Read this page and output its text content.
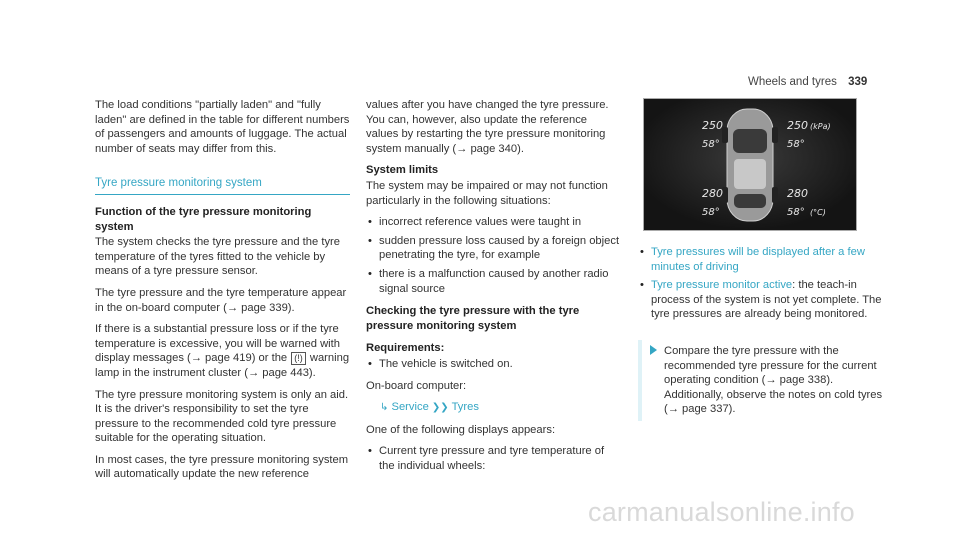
Wheels and tyres 339

The load conditions "partially laden" and "fully laden" are defined in the table for different numbers of passengers and amounts of luggage. The actual number of seats may differ from this.

Tyre pressure monitoring system
Function of the tyre pressure monitoring system

The system checks the tyre pressure and the tyre temperature of the tyres fitted to the vehicle by means of a tyre pressure sensor.

The tyre pressure and the tyre temperature appear in the on-board computer (→ page 339).

If there is a substantial pressure loss or if the tyre temperature is excessive, you will be warned with display messages (→ page 419) or the (!) warning lamp in the instrument cluster (→ page 443).

The tyre pressure monitoring system is only an aid. It is the driver's responsibility to set the tyre pressure to the recommended cold tyre pressure suitable for the operating situation.

In most cases, the tyre pressure monitoring system will automatically update the new reference

values after you have changed the tyre pressure. You can, however, also update the reference values by restarting the tyre pressure monitoring system manually (→ page 340).

System limits

The system may be impaired or may not function particularly in the following situations:

• incorrect reference values were taught in
• sudden pressure loss caused by a foreign object penetrating the tyre, for example
• there is a malfunction caused by another radio signal source
Checking the tyre pressure with the tyre pressure monitoring system
Requirements:
• The vehicle is switched on.

On-board computer:

↳ Service ❯❯ Tyres

One of the following displays appears:

• Current tyre pressure and tyre temperature of the individual wheels:
250
58°
250 (kPa)
58°
280
58°
280
58° (°C)
• Tyre pressures will be displayed after a few minutes of driving
• Tyre pressure monitor active: the teach-in process of the system is not yet complete. The tyre pressures are already being monitored.
Compare the tyre pressure with the recommended tyre pressure for the current operating condition (→ page 338). Additionally, observe the notes on cold tyres (→ page 337).
carmanualsonline.info
